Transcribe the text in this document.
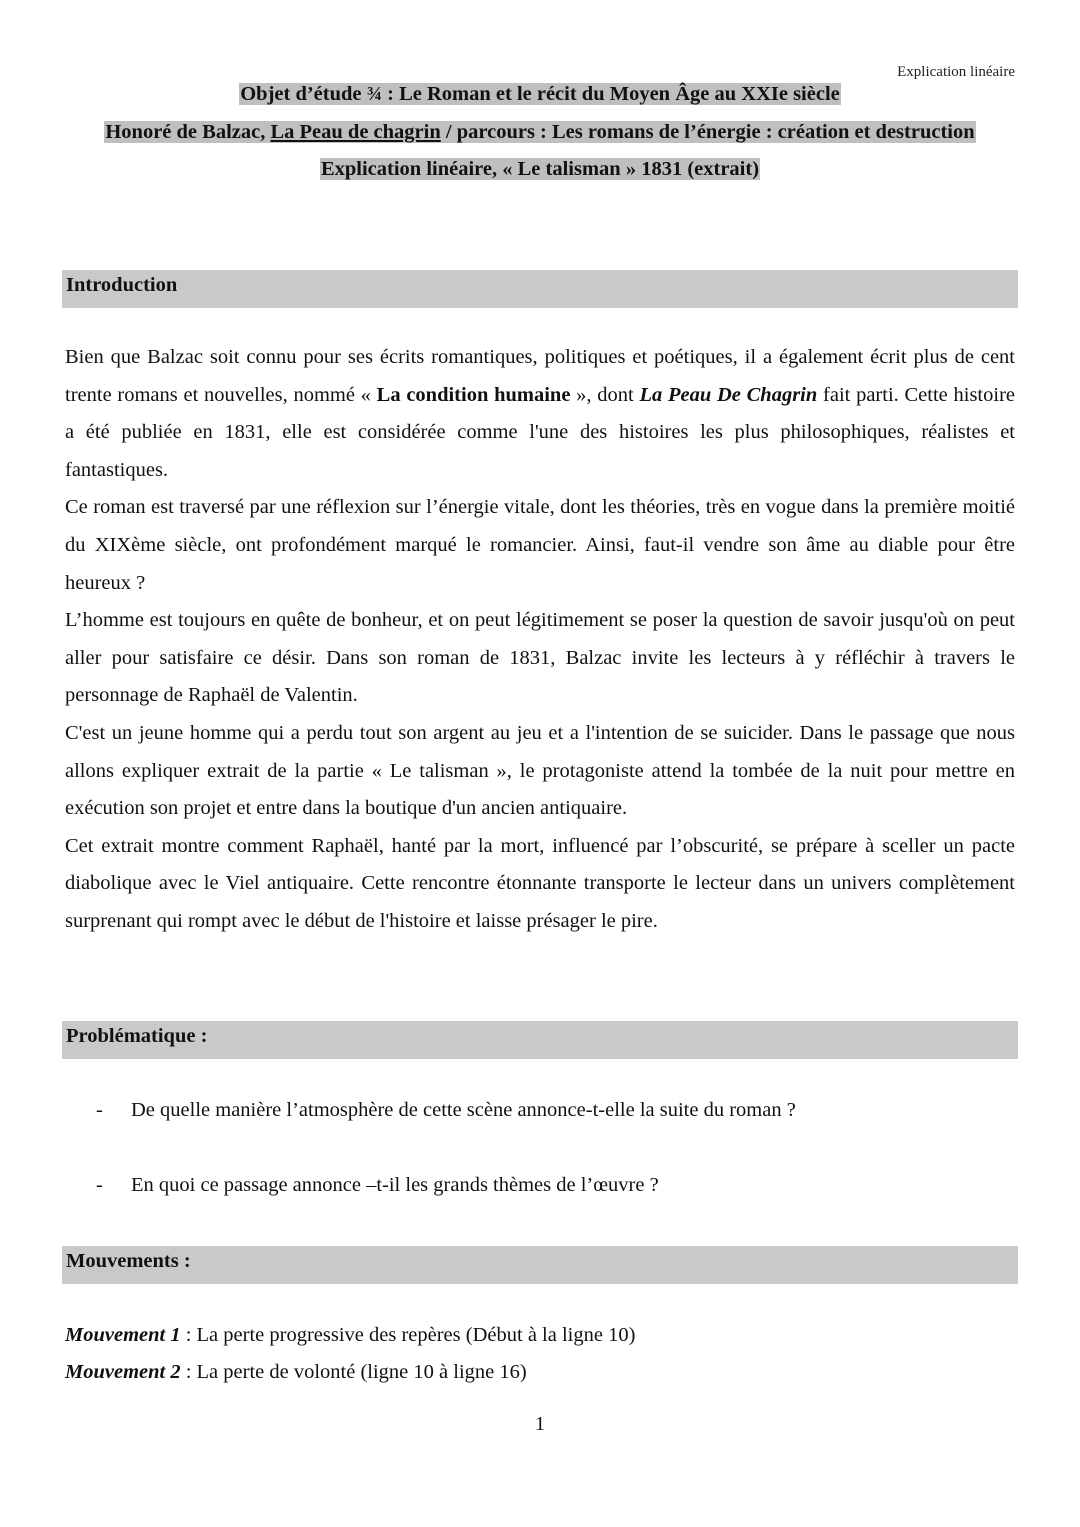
Explication linéaire
Objet d’étude ¾ : Le Roman et le récit du Moyen Âge au XXIe siècle
Honoré de Balzac, La Peau de chagrin / parcours : Les romans de l’énergie : création et destruction
Explication linéaire, « Le talisman » 1831 (extrait)
Introduction

Bien que Balzac soit connu pour ses écrits romantiques, politiques et poétiques, il a également écrit plus de cent trente romans et nouvelles, nommé « La condition humaine », dont La Peau De Chagrin fait parti. Cette histoire a été publiée en 1831, elle est considérée comme l'une des histoires les plus philosophiques, réalistes et fantastiques.

Ce roman est traversé par une réflexion sur l’énergie vitale, dont les théories, très en vogue dans la première moitié du XIXème siècle, ont profondément marqué le romancier. Ainsi, faut-il vendre son âme au diable pour être heureux ?

L’homme est toujours en quête de bonheur, et on peut légitimement se poser la question de savoir jusqu'où on peut aller pour satisfaire ce désir. Dans son roman de 1831, Balzac invite les lecteurs à y réfléchir à travers le personnage de Raphaël de Valentin.

C'est un jeune homme qui a perdu tout son argent au jeu et a l'intention de se suicider. Dans le passage que nous allons expliquer extrait de la partie « Le talisman », le protagoniste attend la tombée de la nuit pour mettre en exécution son projet et entre dans la boutique d'un ancien antiquaire.

Cet extrait montre comment Raphaël, hanté par la mort, influencé par l’obscurité, se prépare à sceller un pacte diabolique avec le Viel antiquaire. Cette rencontre étonnante transporte le lecteur dans un univers complètement surprenant qui rompt avec le début de l'histoire et laisse présager le pire.

Problématique :
- De quelle manière l’atmosphère de cette scène annonce-t-elle la suite du roman ?
- En quoi ce passage annonce –t-il les grands thèmes de l’œuvre ?
Mouvements :
Mouvement 1 : La perte progressive des repères (Début à la ligne 10)
Mouvement 2 : La perte de volonté (ligne 10 à ligne 16)
1
